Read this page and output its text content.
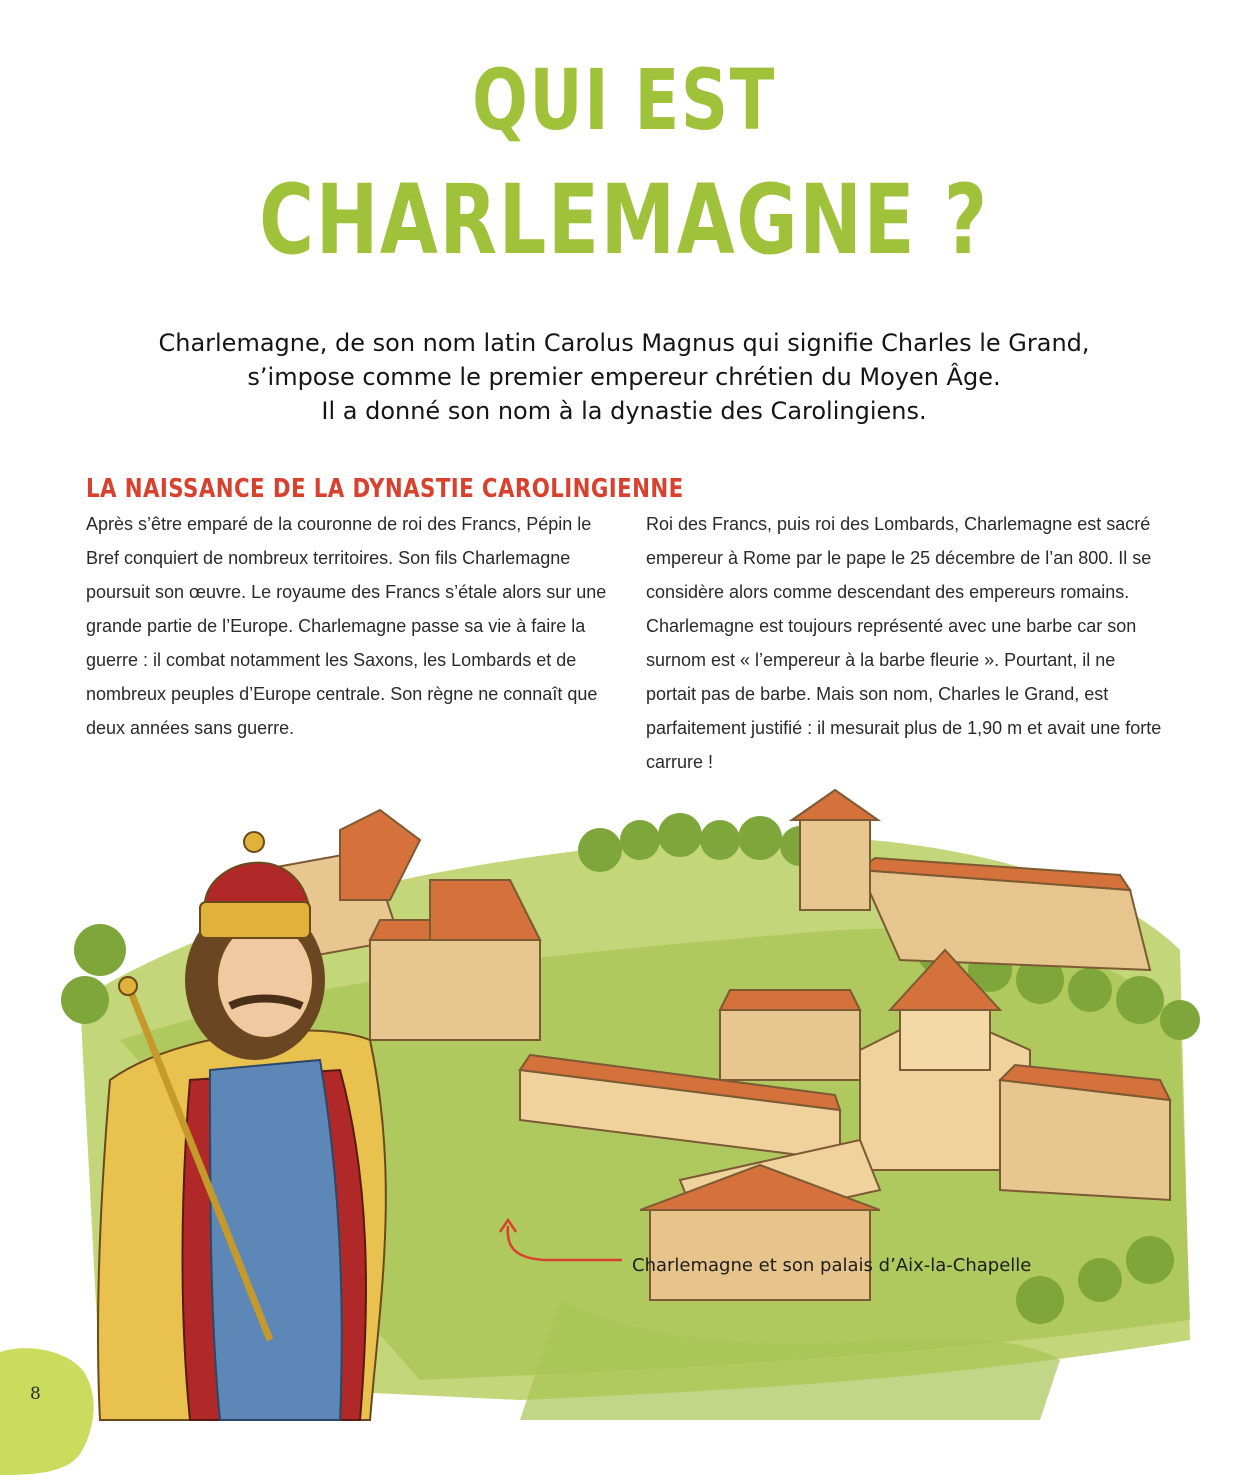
QUI EST
CHARLEMAGNE ?
Charlemagne, de son nom latin Carolus Magnus qui signifie Charles le Grand,
s’impose comme le premier empereur chrétien du Moyen Âge.
Il a donné son nom à la dynastie des Carolingiens.
LA NAISSANCE DE LA DYNASTIE CAROLINGIENNE
Après s’être emparé de la couronne de roi des Francs, Pépin le Bref conquiert de nombreux territoires. Son fils Charlemagne poursuit son œuvre. Le royaume des Francs s’étale alors sur une grande partie de l’Europe. Charlemagne passe sa vie à faire la guerre : il combat notamment les Saxons, les Lombards et de nombreux peuples d’Europe centrale. Son règne ne connaît que deux années sans guerre.
Roi des Francs, puis roi des Lombards, Charlemagne est sacré empereur à Rome par le pape le 25 décembre de l’an 800. Il se considère alors comme descendant des empereurs romains. Charlemagne est toujours représenté avec une barbe car son surnom est « l’empereur à la barbe fleurie ». Pourtant, il ne portait pas de barbe. Mais son nom, Charles le Grand, est parfaitement justifié : il mesurait plus de 1,90 m et avait une forte carrure !
Charlemagne et son palais d’Aix-la-Chapelle
8
